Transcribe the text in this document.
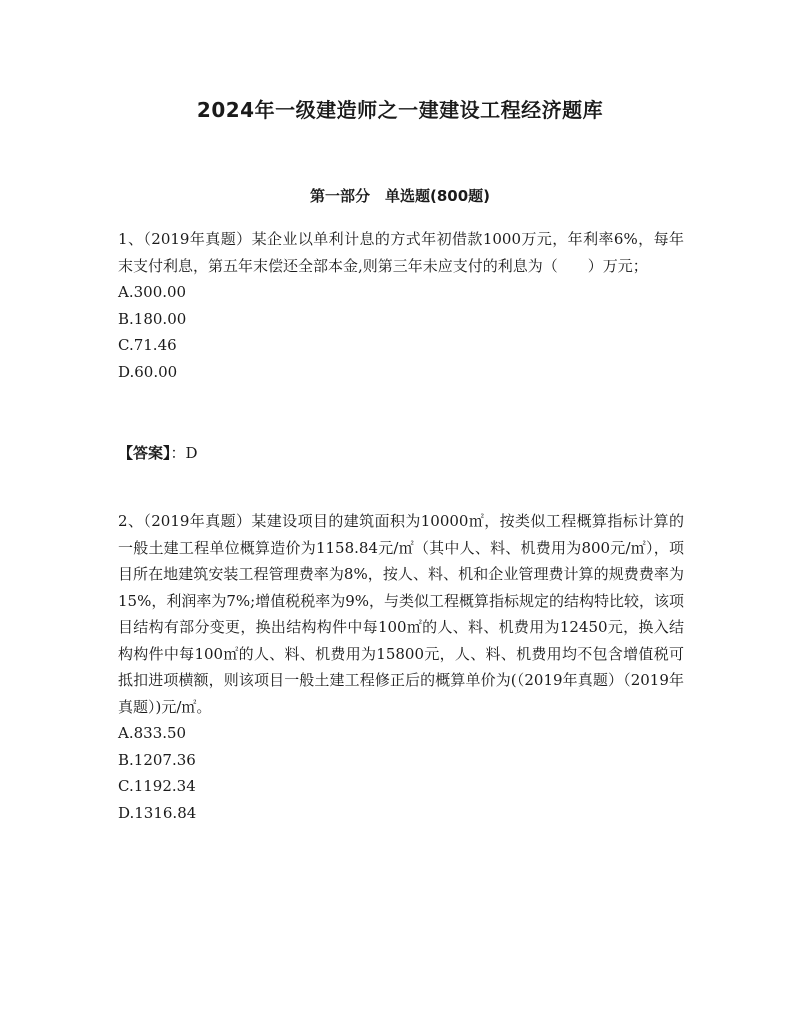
2024年一级建造师之一建建设工程经济题库
第一部分　单选题(800题)
1、（2019年真题）某企业以单利计息的方式年初借款1000万元，年利率6%，每年末支付利息，第五年末偿还全部本金,则第三年未应支付的利息为（　　）万元；
A.300.00
B.180.00
C.71.46
D.60.00
【答案】：D
2、（2019年真题）某建设项目的建筑面积为10000㎡，按类似工程概算指标计算的一般土建工程单位概算造价为1158.84元/㎡（其中人、料、机费用为800元/㎡），项目所在地建筑安装工程管理费率为8%，按人、料、机和企业管理费计算的规费费率为15%，利润率为7%;增值税税率为9%，与类似工程概算指标规定的结构特比较，该项目结构有部分变更，换出结构构件中每100㎡的人、料、机费用为12450元，换入结构构件中每100㎡的人、料、机费用为15800元，人、料、机费用均不包含增值税可抵扣进项横额，则该项目一般土建工程修正后的概算单价为(（2019年真题）（2019年真题）)元/㎡。
A.833.50
B.1207.36
C.1192.34
D.1316.84
